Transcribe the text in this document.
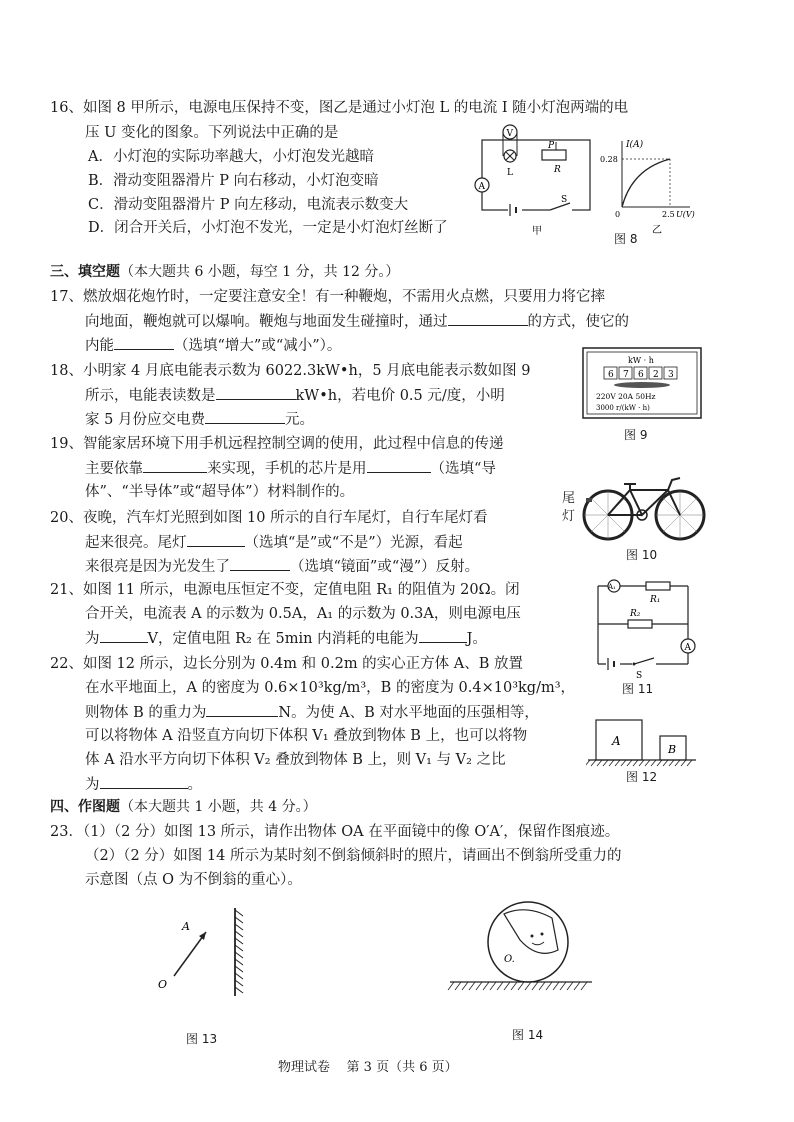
16、如图 8 甲所示，电源电压保持不变，图乙是通过小灯泡 L 的电流 I 随小灯泡两端的电
压 U 变化的图象。下列说法中正确的是
A．小灯泡的实际功率越大，小灯泡发光越暗
B．滑动变阻器滑片 P 向右移动，小灯泡变暗
C．滑动变阻器滑片 P 向左移动，电流表示数变大
D．闭合开关后，小灯泡不发光，一定是小灯泡灯丝断了
V
L
P
R
A
S
甲
I(A)
0.28
0	2.5 U(V)
乙
图 8
三、填空题（本大题共 6 小题，每空 1 分，共 12 分。）
17、燃放烟花炮竹时，一定要注意安全！有一种鞭炮，不需用火点燃，只要用力将它摔
向地面，鞭炮就可以爆响。鞭炮与地面发生碰撞时，通过	的方式，使它的
内能	（选填“增大”或“减小”）。
18、小明家 4 月底电能表示数为 6022.3kW•h，5 月底电能表示数如图 9
所示，电能表读数是	kW•h，若电价 0.5 元/度，小明
家 5 月份应交电费	元。
kW · h
6 7 6 2 3
220V 20A 50Hz
3000 r/(kW · h)
图 9
19、智能家居环境下用手机远程控制空调的使用，此过程中信息的传递
主要依靠	来实现，手机的芯片是用	（选填“导
体”、“半导体”或“超导体”）材料制作的。
20、夜晚，汽车灯光照到如图 10 所示的自行车尾灯，自行车尾灯看
起来很亮。尾灯	（选填“是”或“不是”）光源，看起
来很亮是因为光发生了	（选填“镜面”或“漫”）反射。
尾灯
图 10
21、如图 11 所示，电源电压恒定不变，定值电阻 R₁ 的阻值为 20Ω。闭
合开关，电流表 A 的示数为 0.5A，A₁ 的示数为 0.3A，则电源电压
为	V，定值电阻 R₂ 在 5min 内消耗的电能为	J。
A₁
R₁
R₂
A
S
图 11
22、如图 12 所示，边长分别为 0.4m 和 0.2m 的实心正方体 A、B 放置
在水平地面上，A 的密度为 0.6×10³kg/m³，B 的密度为 0.4×10³kg/m³，
则物体 B 的重力为	N。为使 A、B 对水平地面的压强相等，
可以将物体 A 沿竖直方向切下体积 V₁ 叠放到物体 B 上，也可以将物
体 A 沿水平方向切下体积 V₂ 叠放到物体 B 上，则 V₁ 与 V₂ 之比
为	。
A
B
图 12
四、作图题（本大题共 1 小题，共 4 分。）
23．（1）（2 分）如图 13 所示，请作出物体 OA 在平面镜中的像 O′A′，保留作图痕迹。
（2）（2 分）如图 14 所示为某时刻不倒翁倾斜时的照片，请画出不倒翁所受重力的
示意图（点 O 为不倒翁的重心）。
A
O
图 13
O.
图 14
物理试卷 第 3 页（共 6 页）
